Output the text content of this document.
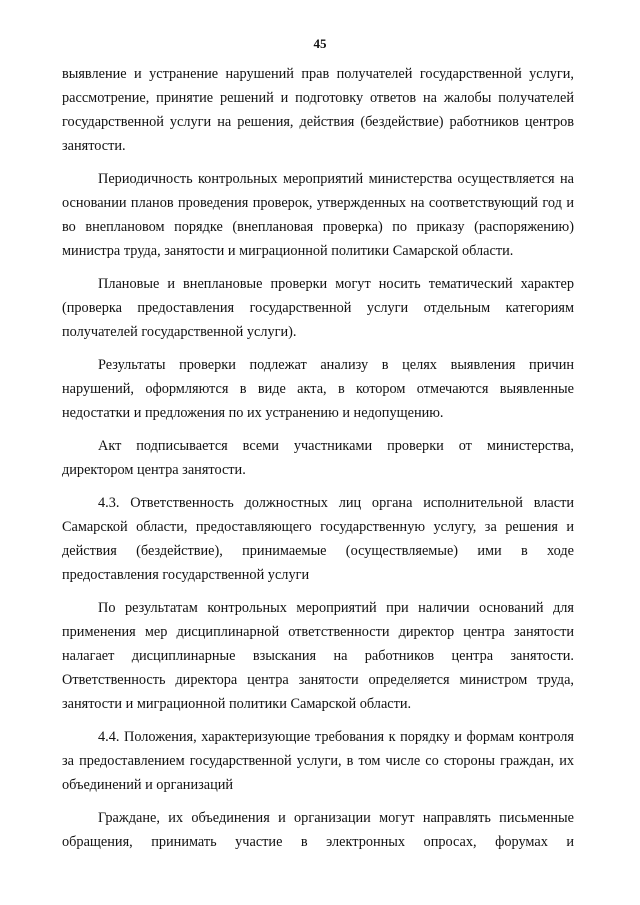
45

выявление и устранение нарушений прав получателей государственной услуги, рассмотрение, принятие решений и подготовку ответов на жалобы получателей государственной услуги на решения, действия (бездействие) работников центров занятости.

Периодичность контрольных мероприятий министерства осуществляется на основании планов проведения проверок, утвержденных на соответствующий год и во внеплановом порядке (внеплановая проверка) по приказу (распоряжению) министра труда, занятости и миграционной политики Самарской области.

Плановые и внеплановые проверки могут носить тематический характер (проверка предоставления государственной услуги отдельным категориям получателей государственной услуги).

Результаты проверки подлежат анализу в целях выявления причин нарушений, оформляются в виде акта, в котором отмечаются выявленные недостатки и предложения по их устранению и недопущению.

Акт подписывается всеми участниками проверки от министерства, директором центра занятости.

4.3. Ответственность должностных лиц органа исполнительной власти Самарской области, предоставляющего государственную услугу, за решения и действия (бездействие), принимаемые (осуществляемые) ими в ходе предоставления государственной услуги

По результатам контрольных мероприятий при наличии оснований для применения мер дисциплинарной ответственности директор центра занятости налагает дисциплинарные взыскания на работников центра занятости. Ответственность директора центра занятости определяется министром труда, занятости и миграционной политики Самарской области.

4.4. Положения, характеризующие требования к порядку и формам контроля за предоставлением государственной услуги, в том числе со стороны граждан, их объединений и организаций

Граждане, их объединения и организации могут направлять письменные обращения, принимать участие в электронных опросах, форумах и
